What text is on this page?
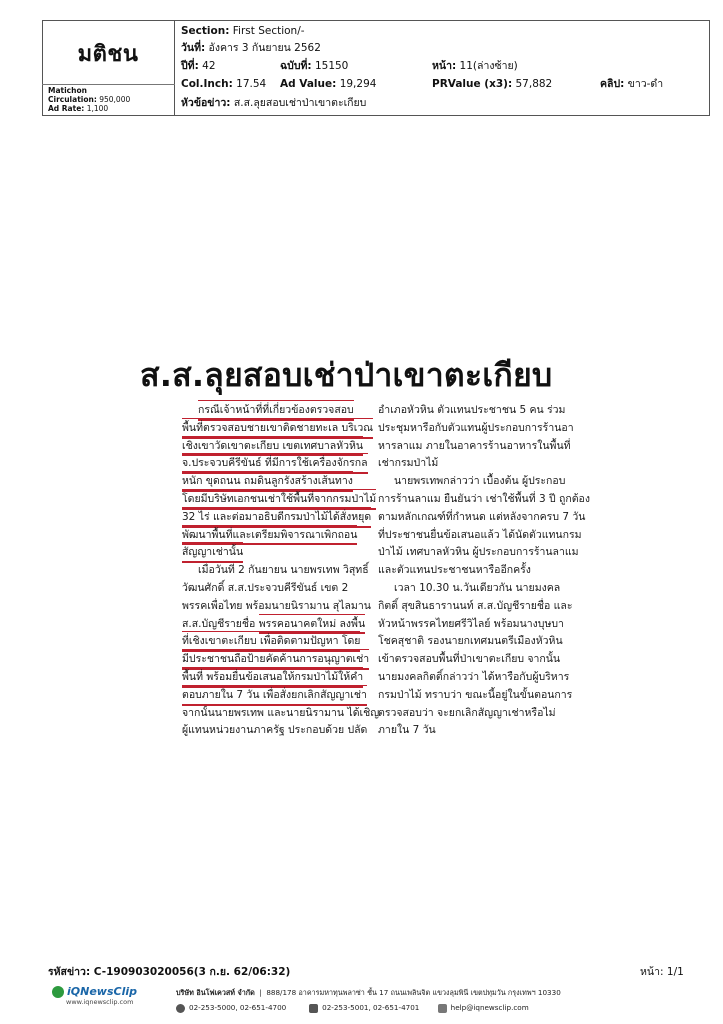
มติชน
Matichon
Circulation: 950,000
Ad Rate: 1,100
Section: First Section/-
วันที่: อังคาร 3 กันยายน 2562
ปีที่: 42	ฉบับที่: 15150	หน้า: 11(ล่างซ้าย)
Col.Inch: 17.54 Ad Value: 19,294	PRValue (x3): 57,882	คลิป: ขาว-ดำ
หัวข้อข่าว: ส.ส.ลุยสอบเช่าป่าเขาตะเกียบ
ส.ส.ลุยสอบเช่าป่าเขาตะเกียบ

กรณีเจ้าหน้าที่ที่เกี่ยวข้องตรวจสอบ

พื้นที่ตรวจสอบชายเขาติดชายทะเล บริเวณ

เชิงเขาวัดเขาตะเกียบ เขตเทศบาลหัวหิน

จ.ประจวบคีรีขันธ์ ที่มีการใช้เครื่องจักรกล

หนัก ขุดถนน ถมดินลูกรังสร้างเส้นทาง

โดยมีบริษัทเอกชนเช่าใช้พื้นที่จากกรมป่าไม้

32 ไร่ และต่อมาอธิบดีกรมป่าไม้ได้สั่งหยุด

พัฒนาพื้นที่และเตรียมพิจารณาเพิกถอน

สัญญาเช่านั้น

เมื่อวันที่ 2 กันยายน นายพรเทพ วิสุทธิ์

วัฒนศักดิ์ ส.ส.ประจวบคีรีขันธ์ เขต 2

พรรคเพื่อไทย พร้อมนายนิรามาน สุไลมาน

ส.ส.บัญชีรายชื่อ พรรคอนาคตใหม่ ลงพื้น

ที่เชิงเขาตะเกียบ เพื่อติดตามปัญหา โดย

มีประชาชนถือป้ายคัดค้านการอนุญาตเช่า

พื้นที่ พร้อมยื่นข้อเสนอให้กรมป่าไม้ให้คำ

ตอบภายใน 7 วัน เพื่อสั่งยกเลิกสัญญาเช่า

จากนั้นนายพรเทพ และนายนิรามาน ได้เชิญ

ผู้แทนหน่วยงานภาครัฐ ประกอบด้วย ปลัด

อำเภอหัวหิน ตัวแทนประชาชน 5 คน ร่วม

ประชุมหารือกับตัวแทนผู้ประกอบการร้านอา

หารลาแม ภายในอาคารร้านอาหารในพื้นที่

เช่ากรมป่าไม้

นายพรเทพกล่าวว่า เบื้องต้น ผู้ประกอบ

การร้านลาแม ยืนยันว่า เช่าใช้พื้นที่ 3 ปี ถูกต้อง

ตามหลักเกณฑ์ที่กำหนด แต่หลังจากครบ 7 วัน

ที่ประชาชนยื่นข้อเสนอแล้ว ได้นัดตัวแทนกรม

ป่าไม้ เทศบาลหัวหิน ผู้ประกอบการร้านลาแม

และตัวแทนประชาชนหารืออีกครั้ง

เวลา 10.30 น.วันเดียวกัน นายมงคล

กิตติ์ สุขสินธารานนท์ ส.ส.บัญชีรายชื่อ และ

หัวหน้าพรรคไทยศรีวิไลย์ พร้อมนางบุษบา

โชคสุชาติ รองนายกเทศมนตรีเมืองหัวหิน

เข้าตรวจสอบพื้นที่ป่าเขาตะเกียบ จากนั้น

นายมงคลกิตติ์กล่าวว่า ได้หารือกับผู้บริหาร

กรมป่าไม้ ทราบว่า ขณะนี้อยู่ในขั้นตอนการ

ตรวจสอบว่า จะยกเลิกสัญญาเช่าหรือไม่

ภายใน 7 วัน

รหัสข่าว: C-190903020056(3 ก.ย. 62/06:32)	หน้า: 1/1
iQNewsClip
www.iqnewsclip.com
บริษัท อินโฟเควสท์ จำกัด  |  888/178 อาคารมหาทุนพลาซ่า ชั้น 17 ถนนเพลินจิต แขวงลุมพินี เขตปทุมวัน กรุงเทพฯ 10330
02-253-5000, 02-651-4700	02-253-5001, 02-651-4701	help@iqnewsclip.com
